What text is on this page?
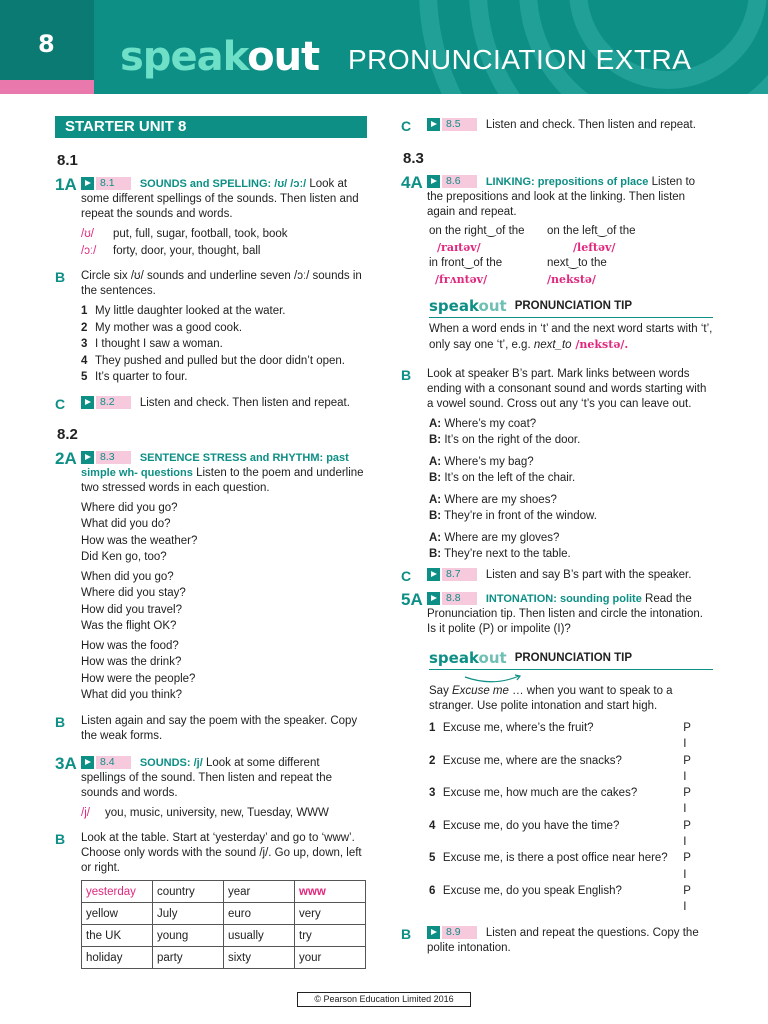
8 speakout PRONUNCIATION EXTRA
STARTER UNIT 8
8.1
1A	8.1	SOUNDS and SPELLING: /ʊ/ /ɔː/ Look at some different spellings of the sounds. Then listen and repeat the sounds and words.
/ʊ/ put, full, sugar, football, took, book
/ɔː/ forty, door, your, thought, ball
B	Circle six /ʊ/ sounds and underline seven /ɔː/ sounds in the sentences.
1 My little daughter looked at the water.
2 My mother was a good cook.
3 I thought I saw a woman.
4 They pushed and pulled but the door didn’t open.
5 It’s quarter to four.
C	8.2	Listen and check. Then listen and repeat.
8.2
2A	8.3	SENTENCE STRESS and RHYTHM: past simple wh- questions Listen to the poem and underline two stressed words in each question.
Where did you go?
What did you do?
How was the weather?
Did Ken go, too?
When did you go?
Where did you stay?
How did you travel?
Was the flight OK?
How was the food?
How was the drink?
How were the people?
What did you think?
B	Listen again and say the poem with the speaker. Copy the weak forms.
3A	8.4	SOUNDS: /j/ Look at some different spellings of the sound. Then listen and repeat the sounds and words.
/j/ you, music, university, new, Tuesday, WWW
B	Look at the table. Start at ‘yesterday’ and go to ‘www’. Choose only words with the sound /j/. Go up, down, left or right.
yesterday	country	year	www
yellow	July	euro	very
the UK	young	usually	try
holiday	party	sixty	your
C	8.5	Listen and check. Then listen and repeat.
8.3
4A	8.6	LINKING: prepositions of place Listen to the prepositions and look at the linking. Then listen again and repeat.
on the right‿of the	on the left‿of the
/raɪtəv/	/leftəv/
in front‿of the	next‿to the
/frʌntəv/	/nekstə/
speakout PRONUNCIATION TIP
When a word ends in ‘t’ and the next word starts with ‘t’, only say one ‘t’, e.g. next_to /nekstə/.
B	Look at speaker B’s part. Mark links between words ending with a consonant sound and words starting with a vowel sound. Cross out any ‘t’s you can leave out.
A: Where’s my coat?
B: It’s on the right of the door.
A: Where’s my bag?
B: It’s on the left of the chair.
A: Where are my shoes?
B: They’re in front of the window.
A: Where are my gloves?
B: They’re next to the table.
C	8.7	Listen and say B’s part with the speaker.
5A	8.8	INTONATION: sounding polite Read the Pronunciation tip. Then listen and circle the intonation. Is it polite (P) or impolite (I)?
speakout PRONUNCIATION TIP
Say Excuse me … when you want to speak to a stranger. Use polite intonation and start high.
1 Excuse me, where’s the fruit?	P I
2 Excuse me, where are the snacks?	P I
3 Excuse me, how much are the cakes?	P I
4 Excuse me, do you have the time?	P I
5 Excuse me, is there a post office near here?	P I
6 Excuse me, do you speak English?	P I
B	8.9	Listen and repeat the questions. Copy the polite intonation.
© Pearson Education Limited 2016
